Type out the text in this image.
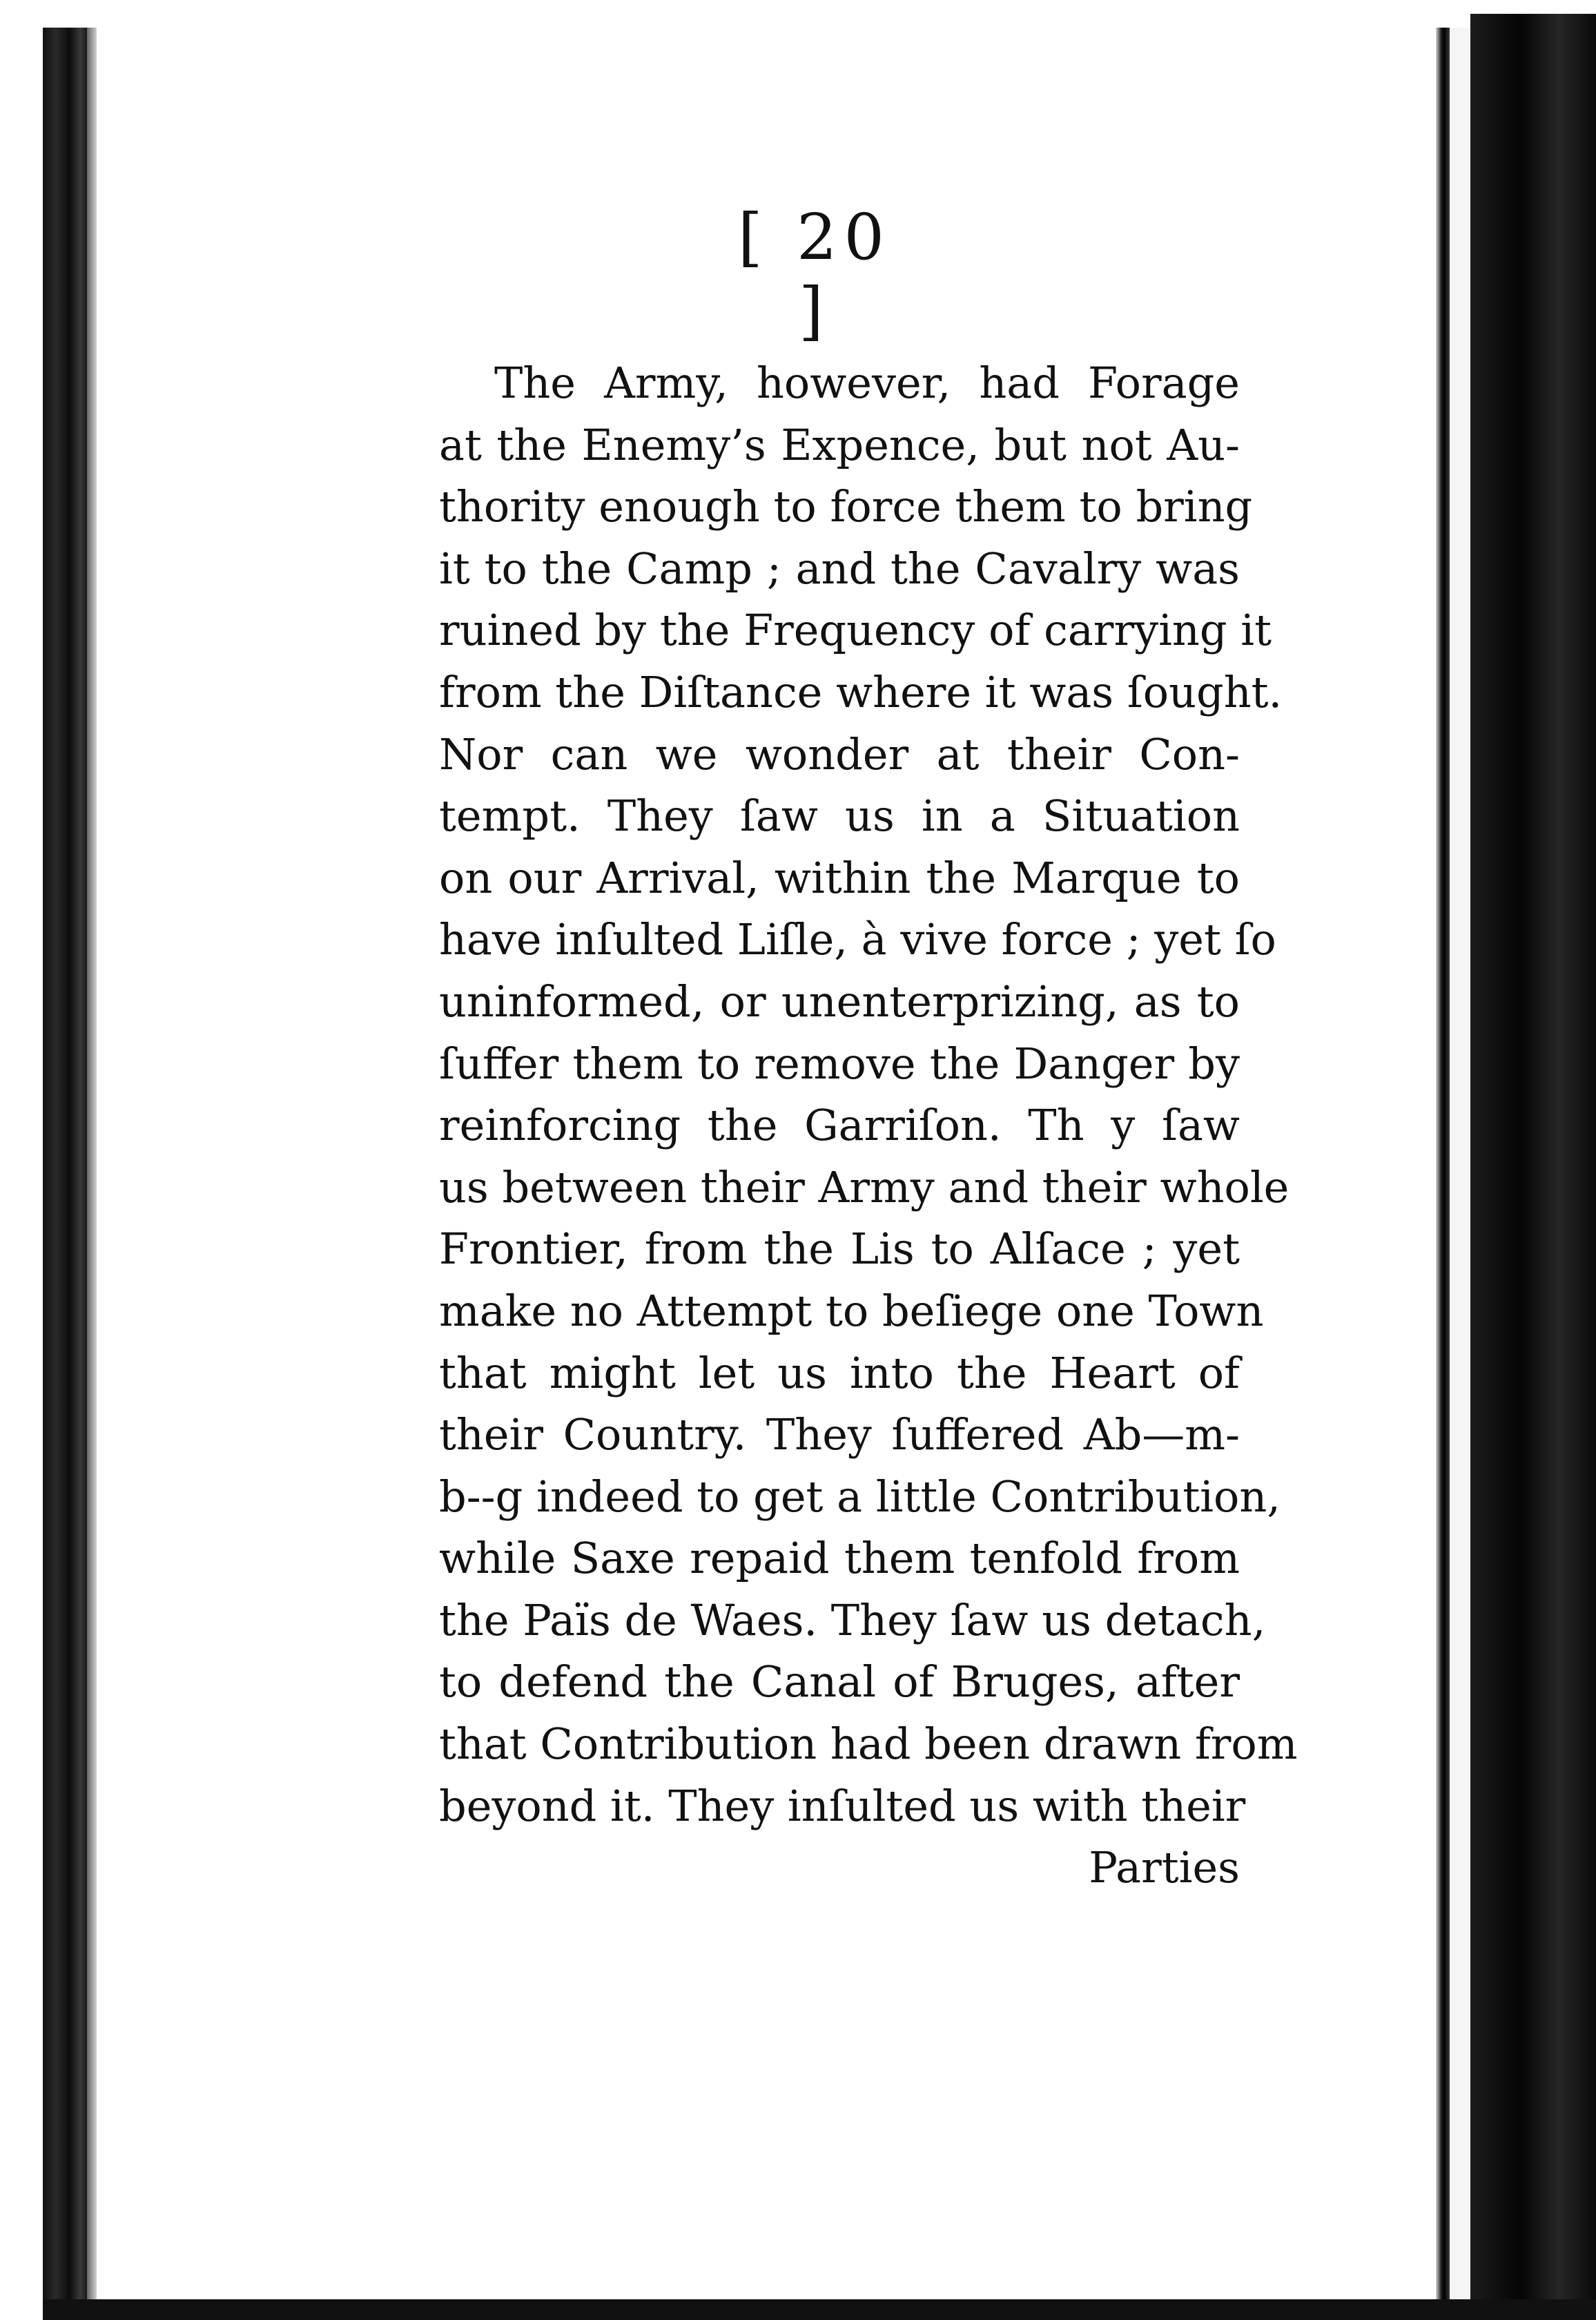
[ 20 ]
The Army, however, had Forage
at the Enemy’s Expence, but not Au-
thority enough to force them to bring
it to the Camp ; and the Cavalry was
ruined by the Frequency of carrying it
from the Diſtance where it was ſought.
Nor can we wonder at their Con-
tempt. They ſaw us in a Situation
on our Arrival, within the Marque to
have inſulted Liſle, à vive force ; yet ſo
uninformed, or unenterprizing, as to
ſuffer them to remove the Danger by
reinforcing the Garriſon. Th y ſaw
us between their Army and their whole
Frontier, from the Lis to Alſace ; yet
make no Attempt to beſiege one Town
that might let us into the Heart of
their Country. They ſuffered Ab—m-
b--g indeed to get a little Contribution,
while Saxe repaid them tenfold from
the Païs de Waes. They ſaw us detach,
to defend the Canal of Bruges, after
that Contribution had been drawn from
beyond it. They inſulted us with their
Parties
